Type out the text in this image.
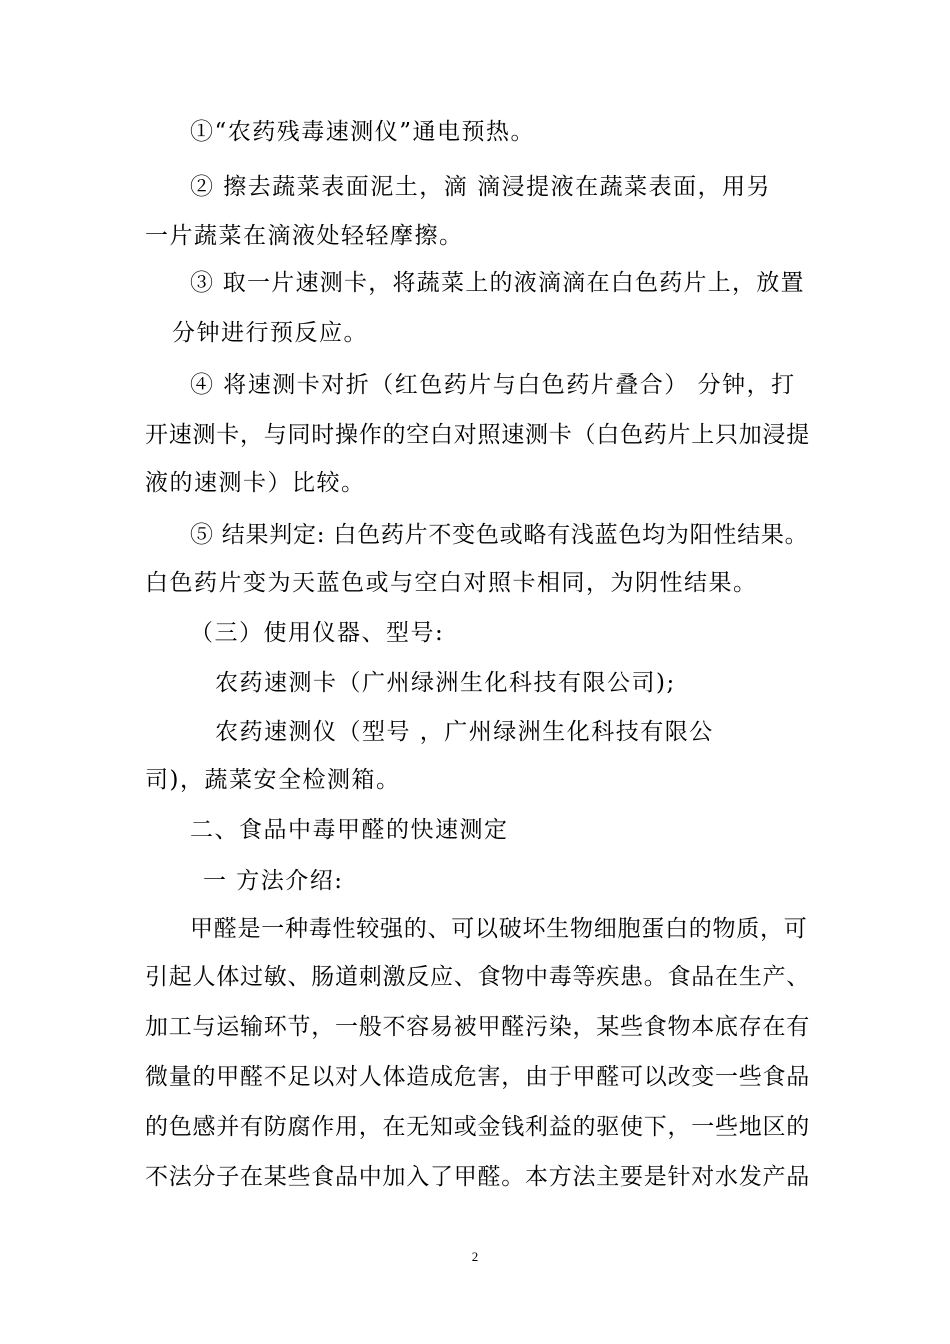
①“农药残毒速测仪”通电预热。
② 擦去蔬菜表面泥土，滴 滴浸提液在蔬菜表面，用另
一片蔬菜在滴液处轻轻摩擦。
③ 取一片速测卡，将蔬菜上的液滴滴在白色药片上，放置
分钟进行预反应。
④ 将速测卡对折（红色药片与白色药片叠合） 分钟，打
开速测卡，与同时操作的空白对照速测卡（白色药片上只加浸提
液的速测卡）比较。
⑤ 结果判定: 白色药片不变色或略有浅蓝色均为阳性结果。
白色药片变为天蓝色或与空白对照卡相同，为阴性结果。
（三）使用仪器、型号:
农药速测卡（广州绿洲生化科技有限公司);
农药速测仪（型号 ，广州绿洲生化科技有限公
司)，蔬菜安全检测箱。
二、食品中毒甲醛的快速测定
一 方法介绍:
甲醛是一种毒性较强的、可以破坏生物细胞蛋白的物质，可
引起人体过敏、肠道刺激反应、食物中毒等疾患。食品在生产、
加工与运输环节，一般不容易被甲醛污染，某些食物本底存在有
微量的甲醛不足以对人体造成危害，由于甲醛可以改变一些食品
的色感并有防腐作用，在无知或金钱利益的驱使下，一些地区的
不法分子在某些食品中加入了甲醛。本方法主要是针对水发产品
2
